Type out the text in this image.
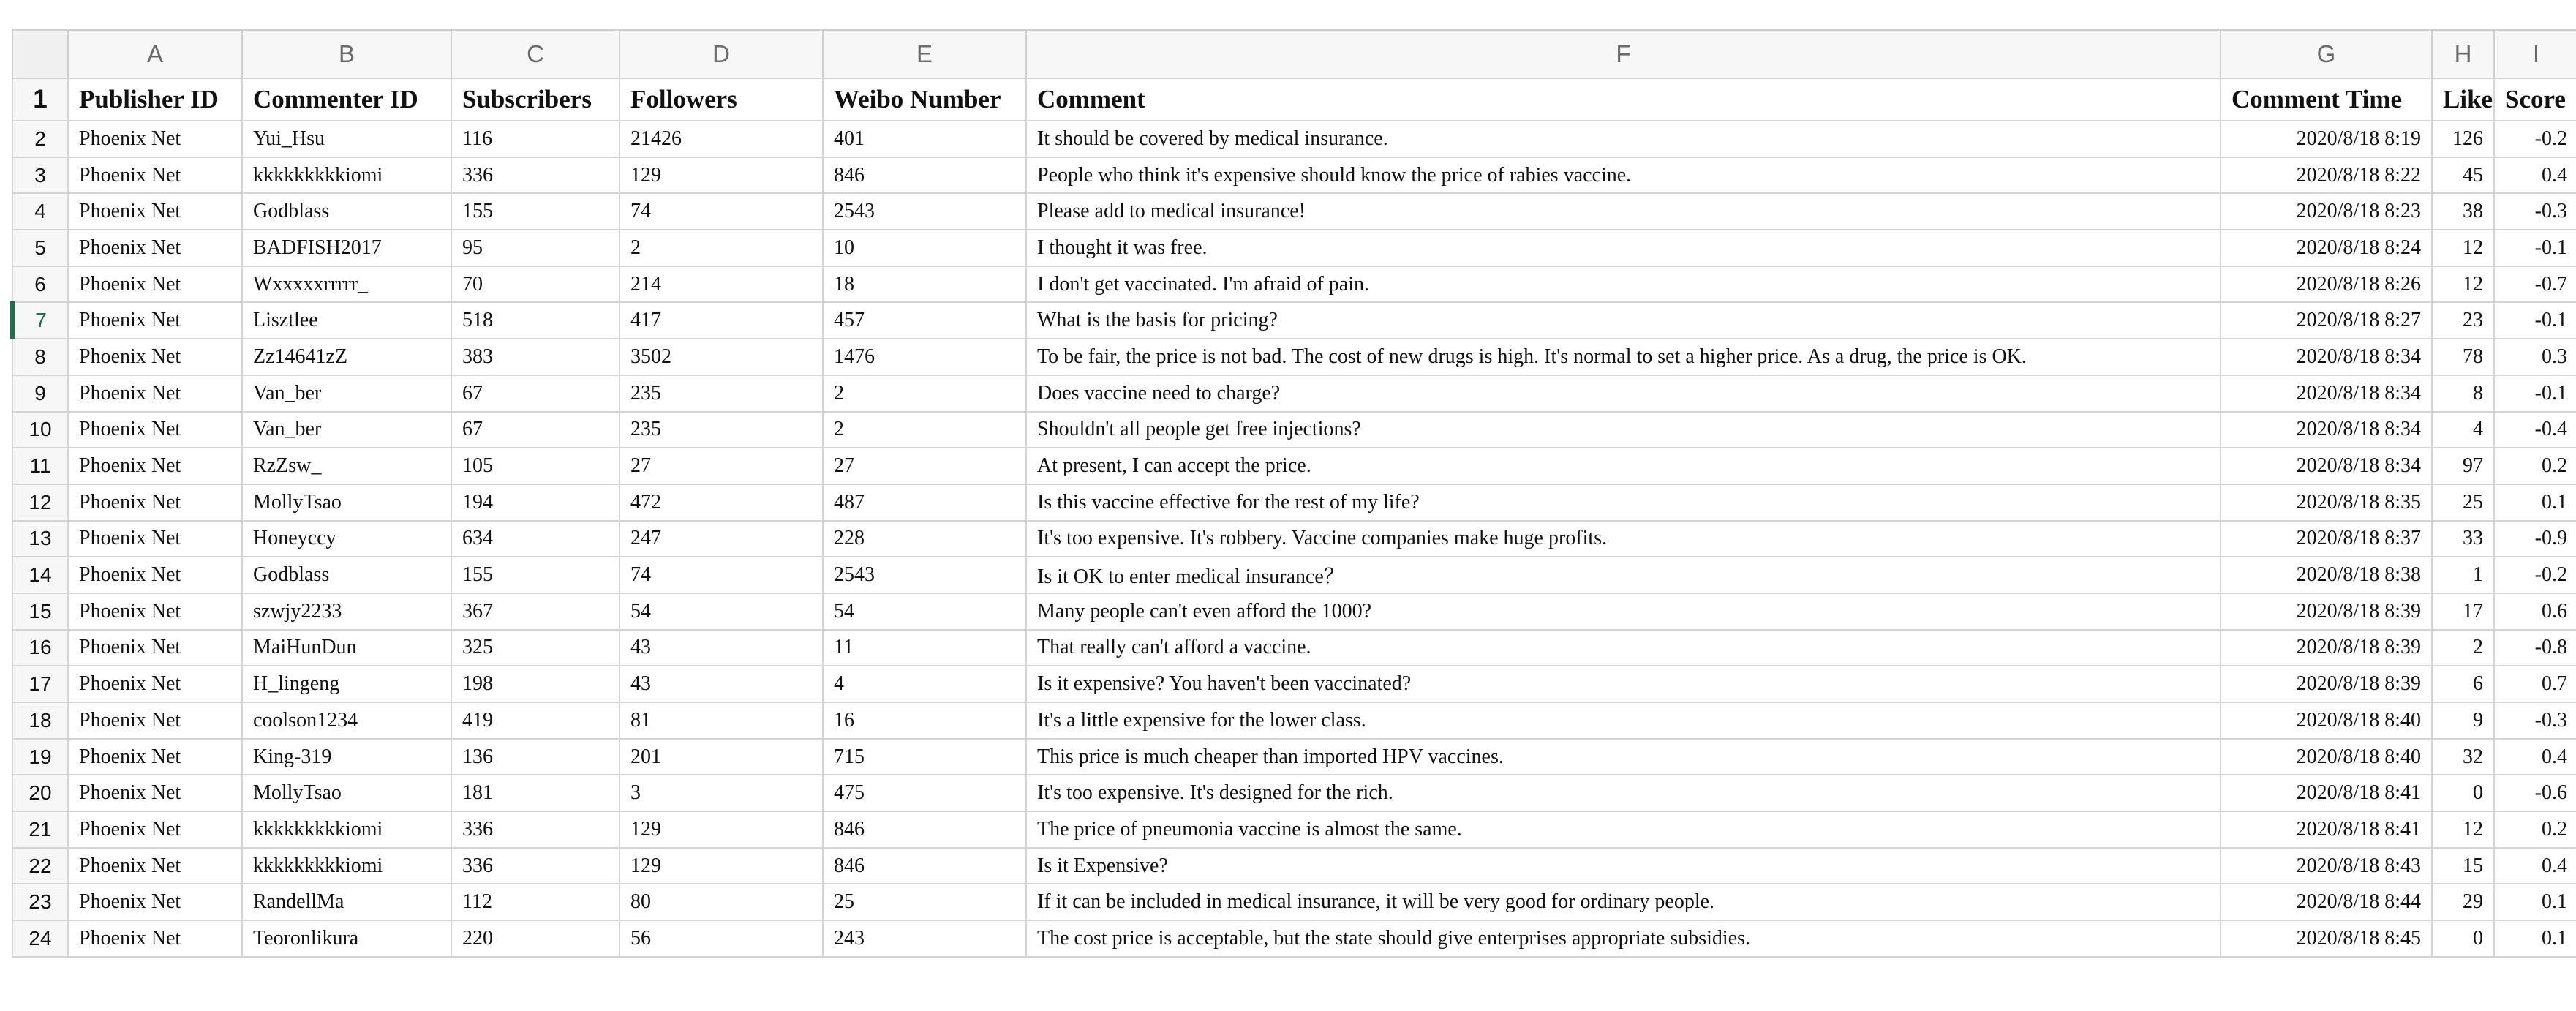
	A	B	C	D	E	F	G	H	I
1	Publisher ID	Commenter ID	Subscribers	Followers	Weibo Number	Comment	Comment Time	Like	Score
2	Phoenix Net	Yui_Hsu	116	21426	401	It should be covered by medical insurance.	2020/8/18 8:19	126	-0.2
3	Phoenix Net	kkkkkkkkkiomi	336	129	846	People who think it's expensive should know the price of rabies vaccine.	2020/8/18 8:22	45	0.4
4	Phoenix Net	Godblass	155	74	2543	Please add to medical insurance!	2020/8/18 8:23	38	-0.3
5	Phoenix Net	BADFISH2017	95	2	10	I thought it was free.	2020/8/18 8:24	12	-0.1
6	Phoenix Net	Wxxxxxrrrrr_	70	214	18	I don't get vaccinated. I'm afraid of pain.	2020/8/18 8:26	12	-0.7
7	Phoenix Net	Lisztlee	518	417	457	What is the basis for pricing?	2020/8/18 8:27	23	-0.1
8	Phoenix Net	Zz14641zZ	383	3502	1476	To be fair, the price is not bad. The cost of new drugs is high. It's normal to set a higher price. As a drug, the price is OK.	2020/8/18 8:34	78	0.3
9	Phoenix Net	Van_ber	67	235	2	Does vaccine need to charge?	2020/8/18 8:34	8	-0.1
10	Phoenix Net	Van_ber	67	235	2	Shouldn't all people get free injections?	2020/8/18 8:34	4	-0.4
11	Phoenix Net	RzZsw_	105	27	27	At present, I can accept the price.	2020/8/18 8:34	97	0.2
12	Phoenix Net	MollyTsao	194	472	487	Is this vaccine effective for the rest of my life?	2020/8/18 8:35	25	0.1
13	Phoenix Net	Honeyccy	634	247	228	It's too expensive. It's robbery. Vaccine companies make huge profits.	2020/8/18 8:37	33	-0.9
14	Phoenix Net	Godblass	155	74	2543	Is it OK to enter medical insurance？	2020/8/18 8:38	1	-0.2
15	Phoenix Net	szwjy2233	367	54	54	Many people can't even afford the 1000?	2020/8/18 8:39	17	0.6
16	Phoenix Net	MaiHunDun	325	43	11	That really can't afford a vaccine.	2020/8/18 8:39	2	-0.8
17	Phoenix Net	H_lingeng	198	43	4	Is it expensive? You haven't been vaccinated?	2020/8/18 8:39	6	0.7
18	Phoenix Net	coolson1234	419	81	16	It's a little expensive for the lower class.	2020/8/18 8:40	9	-0.3
19	Phoenix Net	King-319	136	201	715	This price is much cheaper than imported HPV vaccines.	2020/8/18 8:40	32	0.4
20	Phoenix Net	MollyTsao	181	3	475	It's too expensive. It's designed for the rich.	2020/8/18 8:41	0	-0.6
21	Phoenix Net	kkkkkkkkkiomi	336	129	846	The price of pneumonia vaccine is almost the same.	2020/8/18 8:41	12	0.2
22	Phoenix Net	kkkkkkkkkiomi	336	129	846	Is it Expensive?	2020/8/18 8:43	15	0.4
23	Phoenix Net	RandellMa	112	80	25	If it can be included in medical insurance, it will be very good for ordinary people.	2020/8/18 8:44	29	0.1
24	Phoenix Net	Teoronlikura	220	56	243	The cost price is acceptable, but the state should give enterprises appropriate subsidies.	2020/8/18 8:45	0	0.1
